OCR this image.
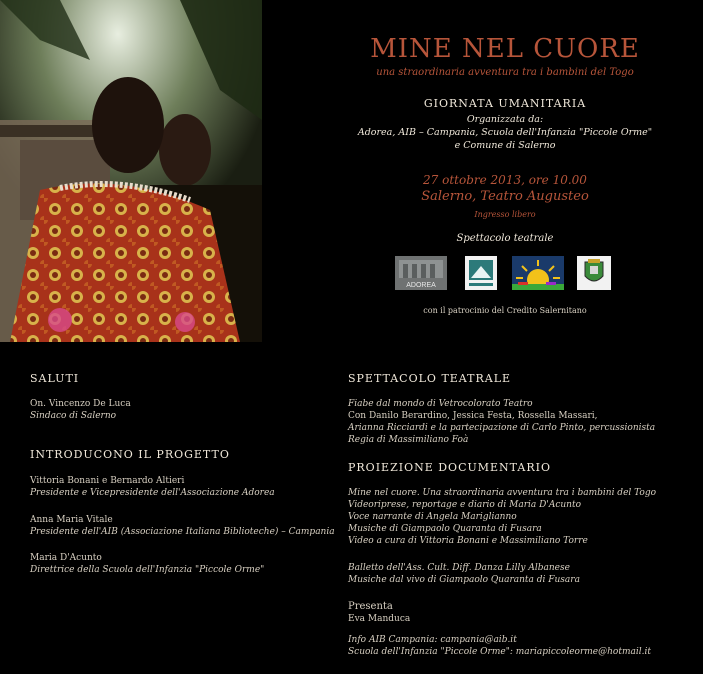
MINE NEL CUORE
una straordinaria avventura tra i bambini del Togo
GIORNATA UMANITARIA
Organizzata da:
Adorea, AIB – Campania, Scuola dell'Infanzia "Piccole Orme"
e Comune di Salerno
27 ottobre 2013, ore 10.00
Salerno, Teatro Augusteo
Ingresso libero
Spettacolo teatrale
ADOREA
con il patrocinio del Credito Salernitano
SALUTI
On. Vincenzo De Luca
Sindaco di Salerno
INTRODUCONO IL PROGETTO
Vittoria Bonani e Bernardo Altieri
Presidente e Vicepresidente dell'Associazione Adorea
Anna Maria Vitale
Presidente dell'AIB (Associazione Italiana Biblioteche) – Campania
Maria D'Acunto
Direttrice della Scuola dell'Infanzia "Piccole Orme"
SPETTACOLO TEATRALE
Fiabe dal mondo di Vetrocolorato Teatro
Con Danilo Berardino, Jessica Festa, Rossella Massari,
Arianna Ricciardi e la partecipazione di Carlo Pinto, percussionista
Regia di Massimiliano Foà
PROIEZIONE DOCUMENTARIO
Mine nel cuore. Una straordinaria avventura tra i bambini del Togo
Videoriprese, reportage e diario di Maria D'Acunto
Voce narrante di Angela Mariglianno
Musiche di Giampaolo Quaranta di Fusara
Video a cura di Vittoria Bonani e Massimiliano Torre
Balletto dell'Ass. Cult. Diff. Danza Lilly Albanese
Musiche dal vivo di Giampaolo Quaranta di Fusara
Presenta
Eva Manduca
Info AIB Campania: campania@aib.it
Scuola dell'Infanzia "Piccole Orme": mariapiccoleorme@hotmail.it
